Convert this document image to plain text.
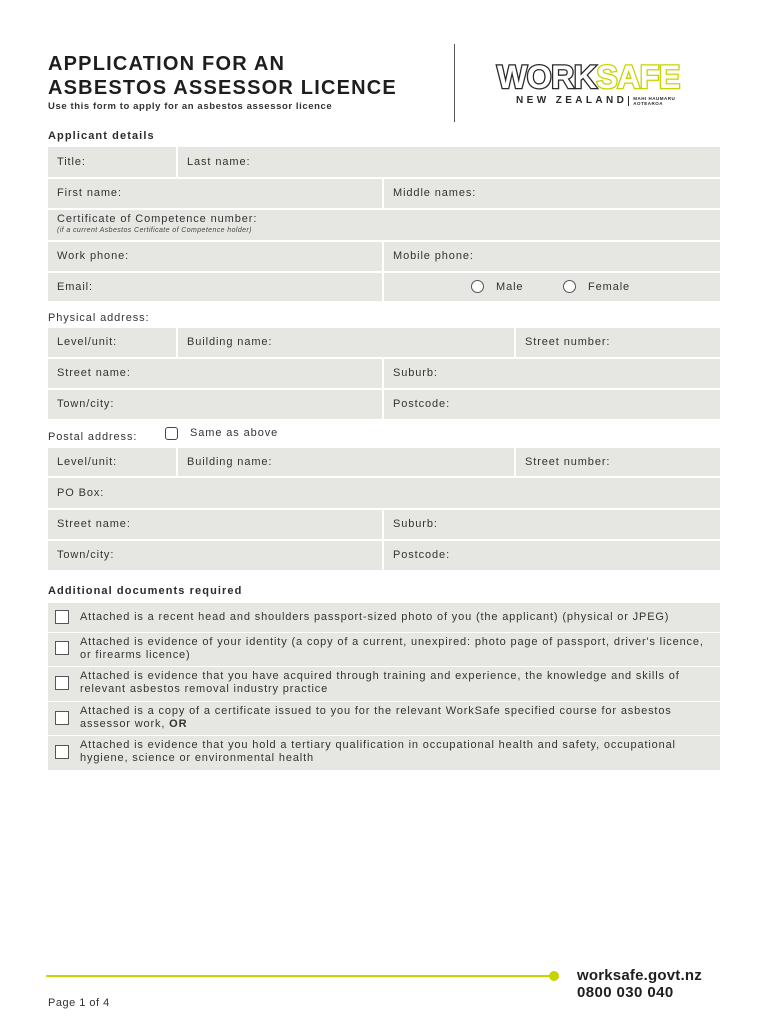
APPLICATION FOR AN
ASBESTOS ASSESSOR LICENCE
Use this form to apply for an asbestos assessor licence
WORKSAFE
NEW ZEALAND MAHI HAUMARU
AOTEAROA
Applicant details
Title:	Last name:
First name:	Middle names:
Certificate of Competence number:
(if a current Asbestos Certificate of Competence holder)
Work phone:	Mobile phone:
Email:	Male	Female
Physical address:
Level/unit:	Building name:	Street number:
Street name:	Suburb:
Town/city:	Postcode:
Postal address:	Same as above
Level/unit:	Building name:	Street number:
PO Box:
Street name:	Suburb:
Town/city:	Postcode:
Additional documents required
Attached is a recent head and shoulders passport-sized photo of you (the applicant) (physical or JPEG)
Attached is evidence of your identity (a copy of a current, unexpired: photo page of passport, driver's licence, or firearms licence)
Attached is evidence that you have acquired through training and experience, the knowledge and skills of relevant asbestos removal industry practice
Attached is a copy of a certificate issued to you for the relevant WorkSafe specified course for asbestos assessor work, OR
Attached is evidence that you hold a tertiary qualification in occupational health and safety, occupational hygiene, science or environmental health
worksafe.govt.nz
0800 030 040
Page 1 of 4
